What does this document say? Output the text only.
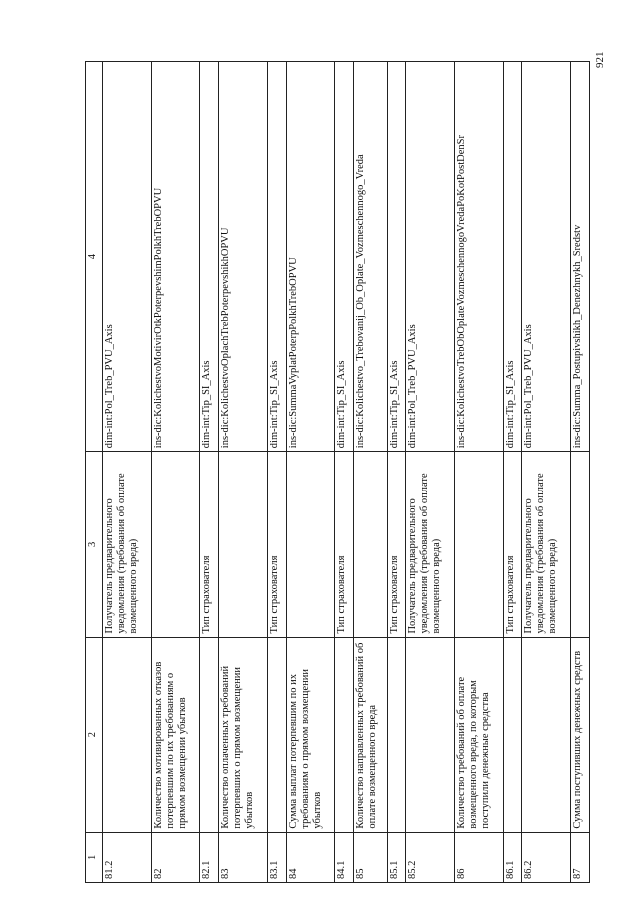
1	2	3	4
81.2		Получатель предварительного уведомления (требования об оплате возмещенного вреда)	dim-int:Pol_Treb_PVU_Axis
82	Количество мотивированных отказов потерпевшим по их требованиям о прямом возмещении убытков		ins-dic:KolichestvoMotivirOtkPoterpevshimPolkhTrebOPVU
82.1		Тип страхователя	dim-int:Tip_SI_Axis
83	Количество оплаченных требований потерпевших о прямом возмещении убытков		ins-dic:KolichestvoOplachTrebPoterpevshikhOPVU
83.1		Тип страхователя	dim-int:Tip_SI_Axis
84	Сумма выплат потерпевшим по их требованиям о прямом возмещении убытков		ins-dic:SummaVyplatPoterpPolkhTrebOPVU
84.1		Тип страхователя	dim-int:Tip_SI_Axis
85	Количество направленных требований об оплате возмещенного вреда		ins-dic:Kolichestvo_Trebovanij_Ob_Oplate_Vozmeschennogo_Vreda
85.1		Тип страхователя	dim-int:Tip_SI_Axis
85.2		Получатель предварительного уведомления (требования об оплате возмещенного вреда)	dim-int:Pol_Treb_PVU_Axis
86	Количество требований об оплате возмещенного вреда, по которым поступили денежные средства		ins-dic:KolichestvoTrebObOplateVozmeschennogoVredaPoKotPostDenSr
86.1		Тип страхователя	dim-int:Tip_SI_Axis
86.2		Получатель предварительного уведомления (требования об оплате возмещенного вреда)	dim-int:Pol_Treb_PVU_Axis
87	Сумма поступивших денежных средств		ins-dic:Summa_Postupivshikh_Denezhnykh_Sredstv
921
